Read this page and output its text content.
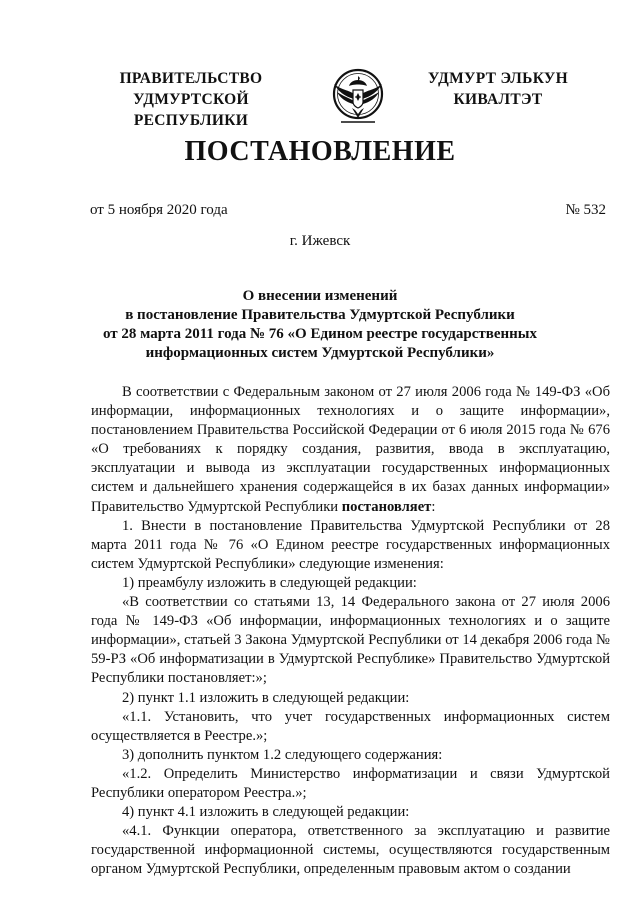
ПРАВИТЕЛЬСТВО
УДМУРТСКОЙ РЕСПУБЛИКИ
УДМУРТ ЭЛЬКУН
КИВАЛТЭТ
ПОСТАНОВЛЕНИЕ
от 5 ноября 2020 года	№ 532
г. Ижевск
О внесении изменений
в постановление Правительства Удмуртской Республики
от 28 марта 2011 года № 76 «О Едином реестре государственных
информационных систем Удмуртской Республики»

В соответствии с Федеральным законом от 27 июля 2006 года № 149-ФЗ «Об информации, информационных технологиях и о защите информации», постановлением Правительства Российской Федерации от 6 июля 2015 года № 676 «О требованиях к порядку создания, развития, ввода в эксплуатацию, эксплуатации и вывода из эксплуатации государственных информационных систем и дальнейшего хранения содержащейся в их базах данных информации» Правительство Удмуртской Республики постановляет:

1. Внести в постановление Правительства Удмуртской Республики от 28 марта 2011 года № 76 «О Едином реестре государственных информационных систем Удмуртской Республики» следующие изменения:

1) преамбулу изложить в следующей редакции:

«В соответствии со статьями 13, 14 Федерального закона от 27 июля 2006 года № 149-ФЗ «Об информации, информационных технологиях и о защите информации», статьей 3 Закона Удмуртской Республики от 14 декабря 2006 года № 59-РЗ «Об информатизации в Удмуртской Республике» Правительство Удмуртской Республики постановляет:»;

2) пункт 1.1 изложить в следующей редакции:

«1.1. Установить, что учет государственных информационных систем осуществляется в Реестре.»;

3) дополнить пунктом 1.2 следующего содержания:

«1.2. Определить Министерство информатизации и связи Удмуртской Республики оператором Реестра.»;

4) пункт 4.1 изложить в следующей редакции:

«4.1. Функции оператора, ответственного за эксплуатацию и развитие государственной информационной системы, осуществляются государственным органом Удмуртской Республики, определенным правовым актом о создании
